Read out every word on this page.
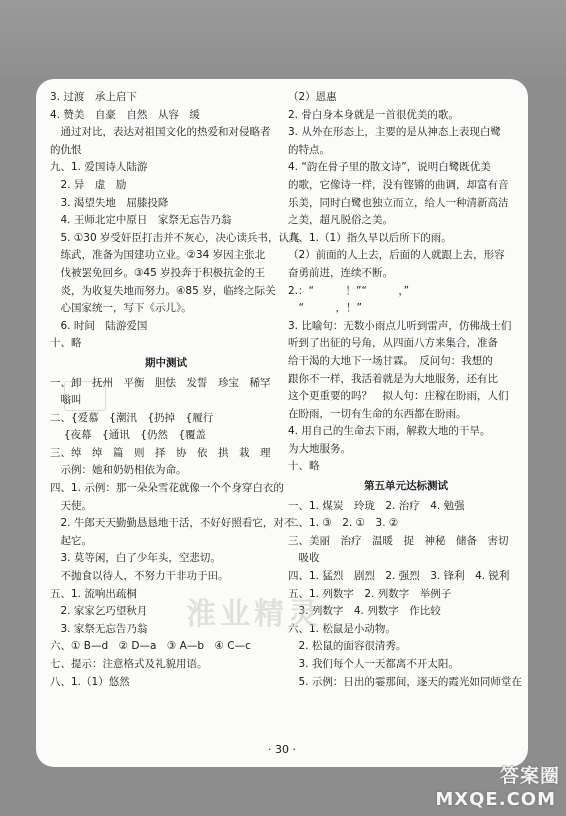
3. 过渡　承上启下
4. 赞美　自豪　自然　从容　缓
　通过对比，表达对祖国文化的热爱和对侵略者
的仇恨
九、1. 爱国诗人陆游
　2. 异　虚　励
　3. 渴望失地　屈膝投降
　4. 王师北定中原日　家祭无忘告乃翁
　5. ①30 岁受奸臣打击并不灰心，决心读兵书，认真
　练武，准备为国建功立业。②34 岁因主张北
　伐被罢免回乡。③45 岁投奔于积极抗金的王
　炎，为收复失地而努力。④85 岁，临终之际关
　心国家统一，写下《示儿》。
　6. 时间　陆游爱国
十、略
期中测试
一、卸　抚州　平衡　胆怯　发誓　珍宝　稀罕
　嗡叫
二、{爱慕　{潮汛　{扔掉　{履行
　 {夜幕　{通讯　{仍然　{覆盖
三、绰　绰　篇　则　择　协　依　拱　栽　理
　示例：她和奶奶相依为命。
四、1. 示例：那一朵朵雪花就像一个个身穿白衣的
　天使。
　2. 牛郎天天勤勤恳恳地干活，不好好照看它，对不
　起它。
　3. 莫等闲，白了少年头，空悲切。
　不抛食以待人，不努力干非功于田。
五、1. 流响出疏桐
　2. 家家乞巧望秋月
　3. 家祭无忘告乃翁
六、① B—d　② D—a　③ A—b　④ C—c
七、提示：注意格式及礼貌用语。
八、1.（1）悠然
（2）恩惠
2. 骨白身本身就是一首很优美的歌。
3. 从外在形态上，主要的是从神态上表现白鹭
的特点。
4. “韵在骨子里的散文诗”，说明白鹭既优美
的歌，它像诗一样，没有铿锵的曲调，却富有音
乐美，同时白鹭也独立而立，给人一种清新高洁
之美，超凡脱俗之美。
九、1.（1）指久旱以后所下的雨。
（2）前面的人上去，后面的人就跟上去，形容
奋勇前进，连续不断。
2.：“　　　！”“　　　，”
　“　　　，！”
3. 比喻句：无数小雨点儿听到雷声，仿佛战士们
听到了出征的号角，从四面八方来集合，准备
给干渴的大地下一场甘霖。　反问句：我想的
跟你不一样，我活着就是为大地服务，还有比
这个更重要的吗？　拟人句：庄稼在盼雨，人们
在盼雨，一切有生命的东西都在盼雨。
4. 用自己的生命去下雨，解救大地的干旱。
为大地服务。
十、略
第五单元达标测试
一、1. 煤炭　玲珑　2. 治疗　4. 勉强
二、1. ③　2. ①　3. ②
三、美丽　治疗　温暖　捉　神秘　储备　害切
　吸收
四、1. 猛烈　剧烈　2. 强烈　3. 锋利　4. 锐利
五、1. 列数字　2. 列数字　举例子
　3. 列数字　4. 列数字　作比较
六、1. 松鼠是小动物。
　2. 松鼠的面容很清秀。
　3. 我们每个人一天都离不开太阳。
　5. 示例：日出的霎那间，逐天的霞光如同师堂在
淮业精灵
· 30 ·
答案圈
MXQE.COM
